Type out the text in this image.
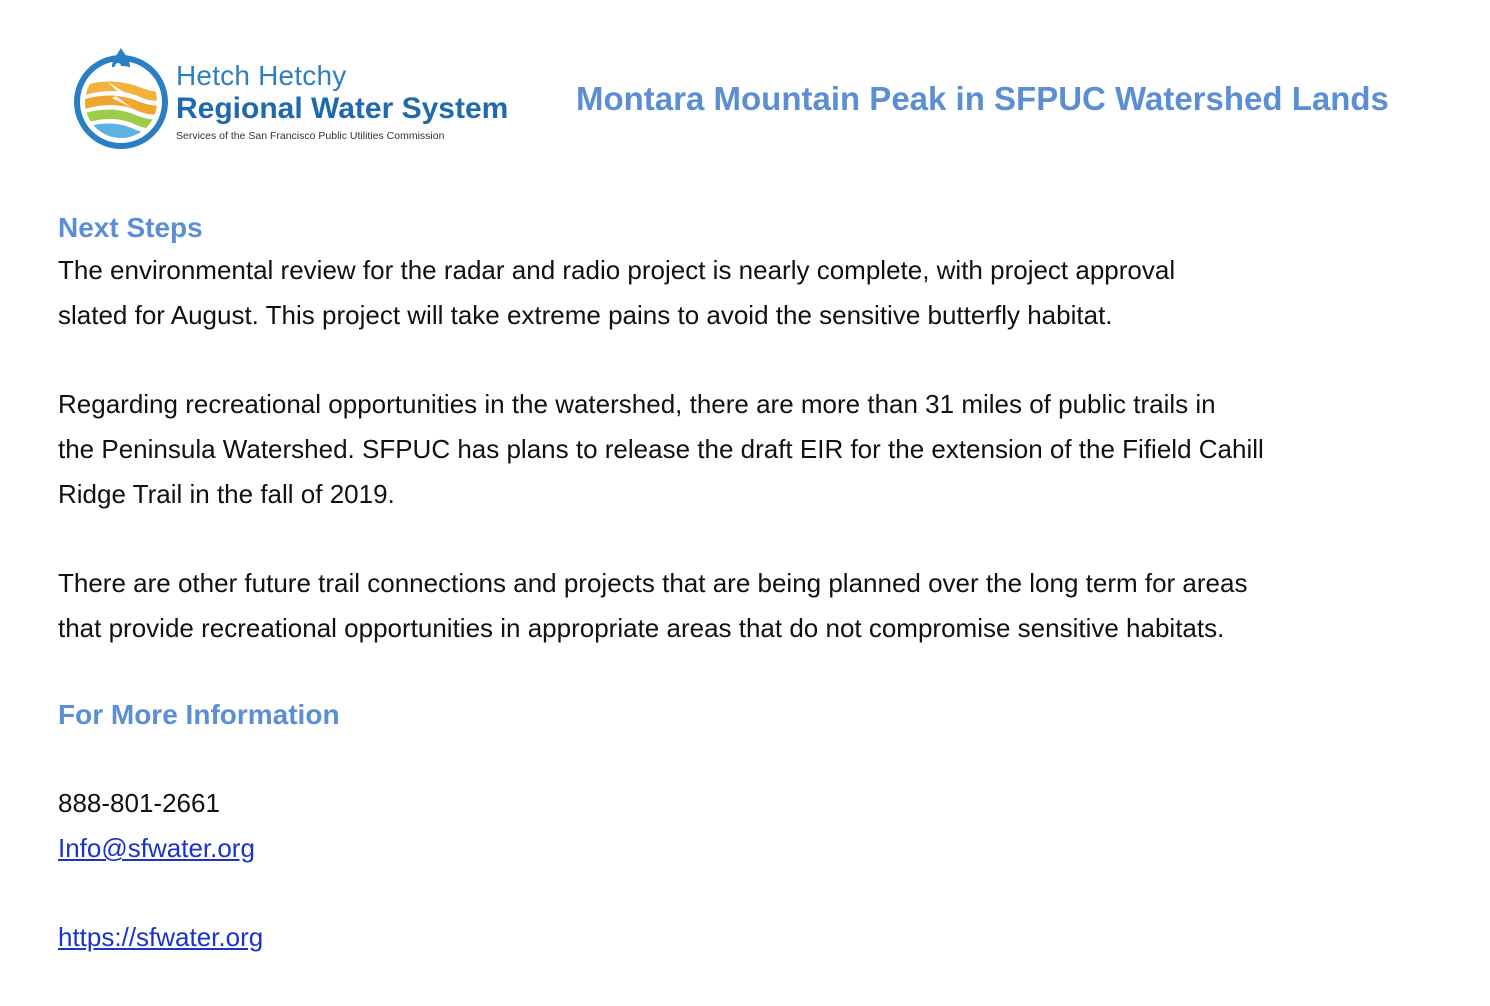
Hetch Hetchy
Regional Water System
Services of the San Francisco Public Utilities Commission
Montara Mountain Peak in SFPUC Watershed Lands
Next Steps

The environmental review for the radar and radio project is nearly complete, with project approval
slated for August. This project will take extreme pains to avoid the sensitive butterfly habitat.

Regarding recreational opportunities in the watershed, there are more than 31 miles of public trails in
the Peninsula Watershed. SFPUC has plans to release the draft EIR for the extension of the Fifield Cahill
Ridge Trail in the fall of 2019.

There are other future trail connections and projects that are being planned over the long term for areas
that provide recreational opportunities in appropriate areas that do not compromise sensitive habitats.

For More Information

888-801-2661

Info@sfwater.org

https://sfwater.org
